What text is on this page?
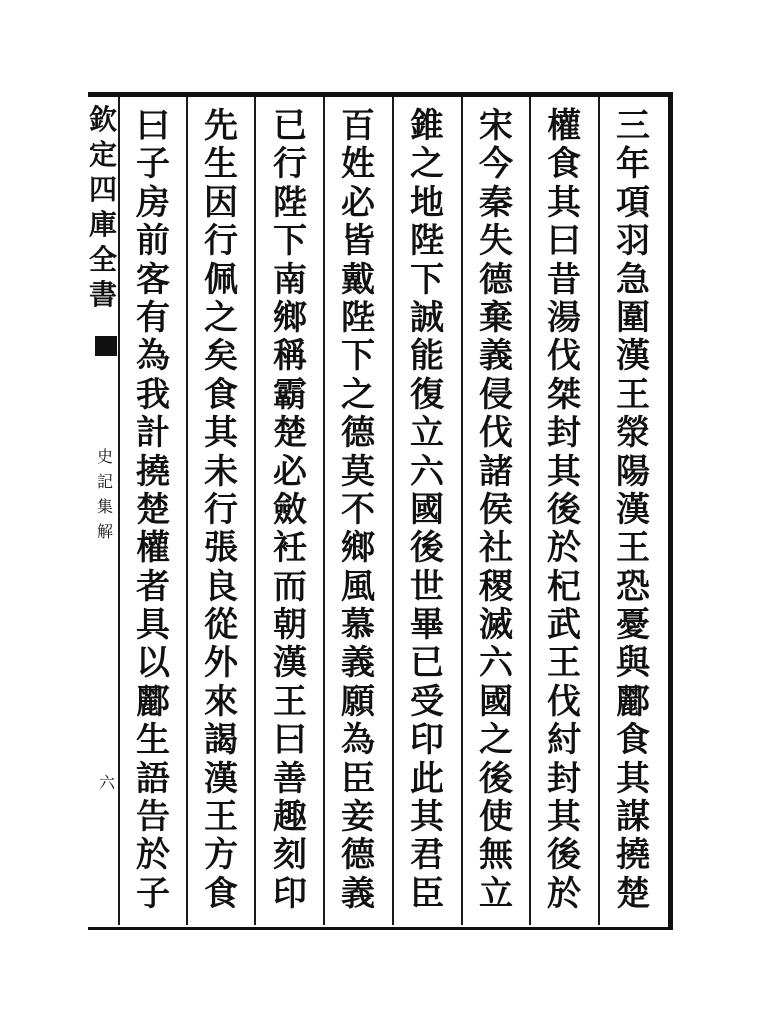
三
年
項
羽
急
圍
漢
王
滎
陽
漢
王
恐
憂
與
酈
食
其
謀
撓
楚
權
食
其
曰
昔
湯
伐
桀
封
其
後
於
杞
武
王
伐
紂
封
其
後
於
宋
今
秦
失
德
棄
義
侵
伐
諸
侯
社
稷
滅
六
國
之
後
使
無
立
錐
之
地
陛
下
誠
能
復
立
六
國
後
世
畢
已
受
印
此
其
君
臣
百
姓
必
皆
戴
陛
下
之
德
莫
不
鄉
風
慕
義
願
為
臣
妾
德
義
已
行
陛
下
南
鄉
稱
霸
楚
必
斂
衽
而
朝
漢
王
曰
善
趣
刻
印
先
生
因
行
佩
之
矣
食
其
未
行
張
良
從
外
來
謁
漢
王
方
食
曰
子
房
前
客
有
為
我
計
撓
楚
權
者
具
以
酈
生
語
告
於
子
欽
定
四
庫
全
書
史
記
集
解
六
